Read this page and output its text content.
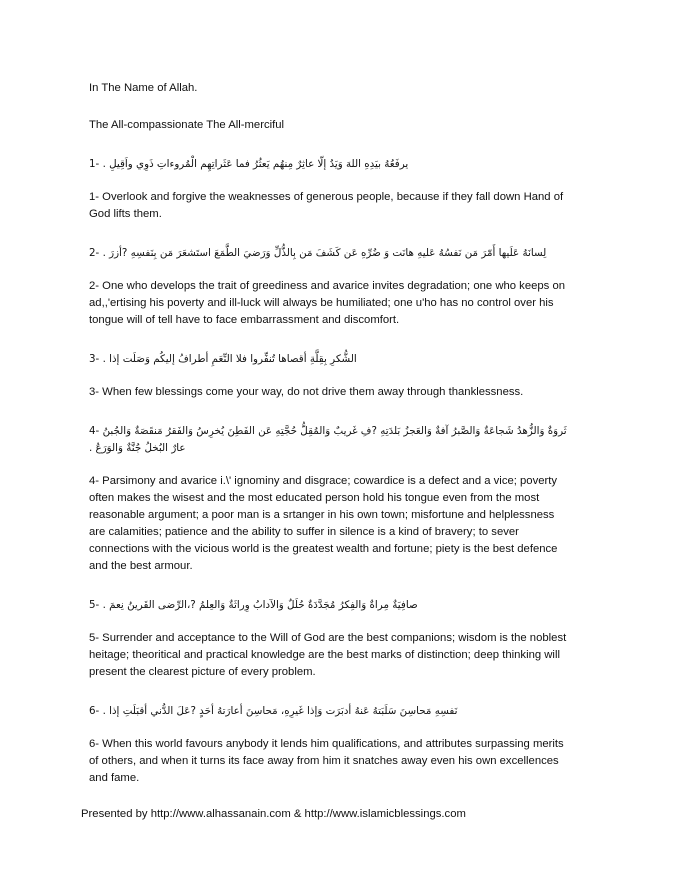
In The Name of Allah.

The All-compassionate The All-merciful

1- يرفَعُهُ بيَدِهِ اللهَ وَيَدُ إلّا عاثِرٌ مِنهُم يَعثُرُ فما عَثَراتِهِم الْمُروءاتِ ذَوِي واَقِيلِ .

1- Overlook and forgive the weaknesses of generous people, because if they fall down Hand of God lifts them.

2- لِسانَهُ عَلَيها أَمّرَ مَن نَفسُهُ عَليهِ هانَت وَ ضُرِّهِ عَن كَشَفَ مَن بِالذُّلِّ وَرَضيَ الطَّمَعَ استَشعَرَ مَن بِنَفسِهِ ?أزرَ .

2- One who develops the trait of greediness and avarice invites degradation; one who keeps on ad,,'ertising his poverty and ill-luck will always be humiliated; one u'ho has no control over his tongue will of tell have to face embarrassment and discomfort.

3- الشُّكرِ بِقِلَّةِ أقصاها تُنفِّروا فلا النِّعَمِ أطرافُ إليكُم وَصَلَت إذا .

3- When few blessings come your way, do not drive them away through thanklessness.

4- ثَروَةٌ وَالزُّهدُ شَجاعَةٌ وَالصَّبرُ آفةٌ وَالعَجزُ بَلدَتِهِ ?فِ غَريبٌ وَالمُقِلُّ حُجَّتِهِ عَن الفَطِنَ يُخرِسُ وَالفَقرُ مَنقَصَةٌ وَالجُبنُ عارٌ البُخلُ جُنَّةٌ وَالوَرَعُ .

4- Parsimony and avarice i.\' ignominy and disgrace; cowardice is a defect and a vice; poverty often makes the wisest and the most educated person hold his tongue even from the most reasonable argument; a poor man is a srtanger in his own town; misfortune and helplessness are calamities; patience and the ability to suffer in silence is a kind of bravery; to sever connections with the vicious world is the greatest wealth and fortune; piety is the best defence and the best armour.

5- صافِيَةٌ مِراةٌ وَالفِكرُ مُجَدَّدَةٌ حُلَلٌ وَالآدابُ وِراثَةٌ وَالعِلمُ ?،الرِّضى القَرينُ نِعمَ .

5- Surrender and acceptance to the Will of God are the best companions; wisdom is the noblest heitage; theoritical and practical knowledge are the best marks of distinction; deep thinking will present the clearest picture of every problem.

6- نَفسِهِ مَحاسِنَ سَلَبَتهُ عَنهُ أدبَرَت وَإذا غَيرِهِ، مَحاسِنَ أعارَتهُ أحَدٍ ?عَلَ الدُّني أقبَلَتِ إذا .

6- When this world favours anybody it lends him qualifications, and attributes surpassing merits of others, and when it turns its face away from him it snatches away even his own excellences and fame.

Presented by http://www.alhassanain.com & http://www.islamicblessings.com
